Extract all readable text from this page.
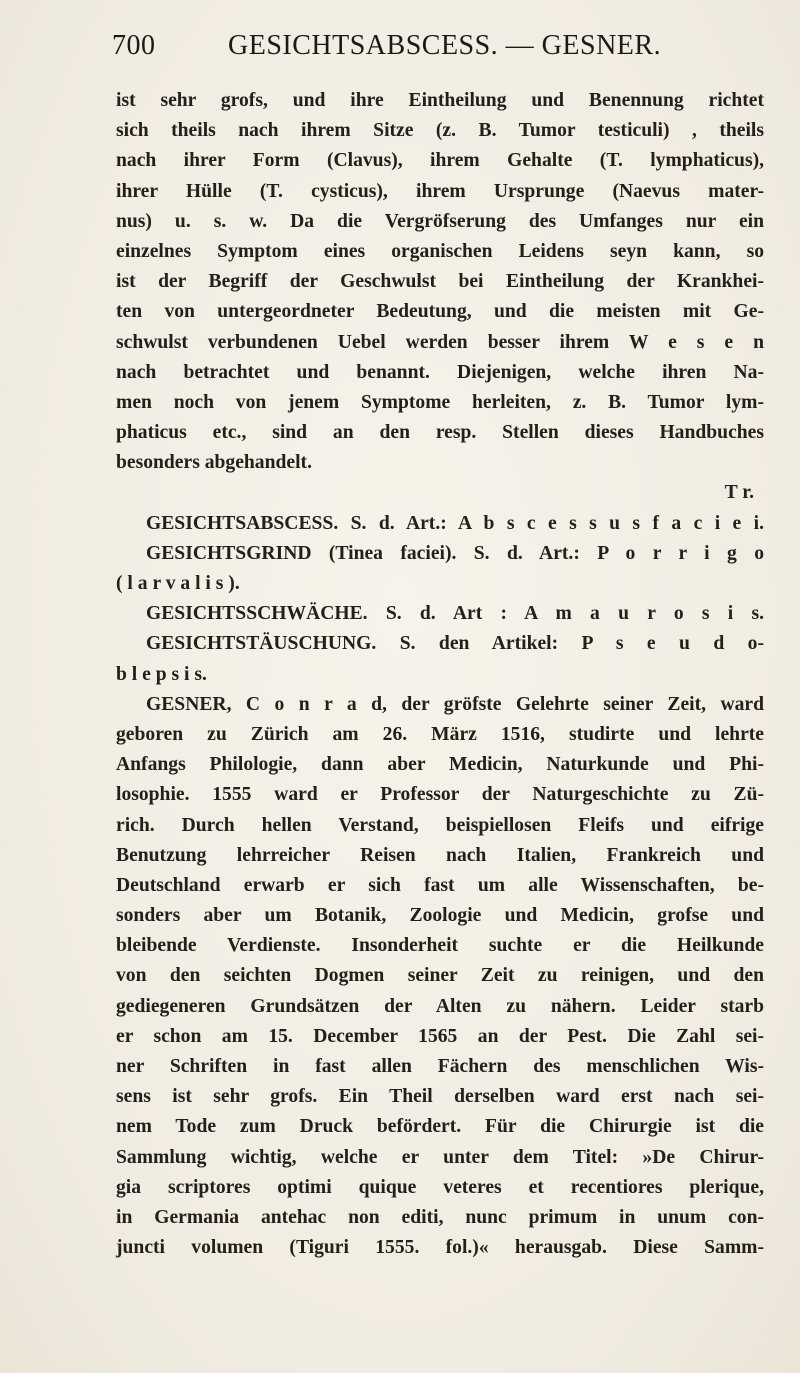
700	GESICHTSABSCESS. — GESNER.
ist sehr grofs, und ihre Eintheilung und Benennung richtet
sich theils nach ihrem Sitze (z. B. Tumor testiculi) , theils
nach ihrer Form (Clavus), ihrem Gehalte (T. lymphaticus),
ihrer Hülle (T. cysticus), ihrem Ursprunge (Naevus mater-
nus) u. s. w. Da die Vergröfserung des Umfanges nur ein
einzelnes Symptom eines organischen Leidens seyn kann, so
ist der Begriff der Geschwulst bei Eintheilung der Krankhei-
ten von untergeordneter Bedeutung, und die meisten mit Ge-
schwulst verbundenen Uebel werden besser ihrem W e s e n
nach betrachtet und benannt. Diejenigen, welche ihren Na-
men noch von jenem Symptome herleiten, z. B. Tumor lym-
phaticus etc., sind an den resp. Stellen dieses Handbuches
besonders abgehandelt.
T r.
GESICHTSABSCESS. S. d. Art.: A b s c e s s u s f a c i e i.
GESICHTSGRIND (Tinea faciei). S. d. Art.: P o r r i g o
( l a r v a l i s ).
GESICHTSSCHWÄCHE. S. d. Art : A m a u r o s i s.
GESICHTSTÄUSCHUNG. S. den Artikel: P s e u d o-
b l e p s i s.
GESNER, C o n r a d, der gröfste Gelehrte seiner Zeit, ward
geboren zu Zürich am 26. März 1516, studirte und lehrte
Anfangs Philologie, dann aber Medicin, Naturkunde und Phi-
losophie. 1555 ward er Professor der Naturgeschichte zu Zü-
rich. Durch hellen Verstand, beispiellosen Fleifs und eifrige
Benutzung lehrreicher Reisen nach Italien, Frankreich und
Deutschland erwarb er sich fast um alle Wissenschaften, be-
sonders aber um Botanik, Zoologie und Medicin, grofse und
bleibende Verdienste. Insonderheit suchte er die Heilkunde
von den seichten Dogmen seiner Zeit zu reinigen, und den
gediegeneren Grundsätzen der Alten zu nähern. Leider starb
er schon am 15. December 1565 an der Pest. Die Zahl sei-
ner Schriften in fast allen Fächern des menschlichen Wis-
sens ist sehr grofs. Ein Theil derselben ward erst nach sei-
nem Tode zum Druck befördert. Für die Chirurgie ist die
Sammlung wichtig, welche er unter dem Titel: »De Chirur-
gia scriptores optimi quique veteres et recentiores plerique,
in Germania antehac non editi, nunc primum in unum con-
juncti volumen (Tiguri 1555. fol.)« herausgab. Diese Samm-
